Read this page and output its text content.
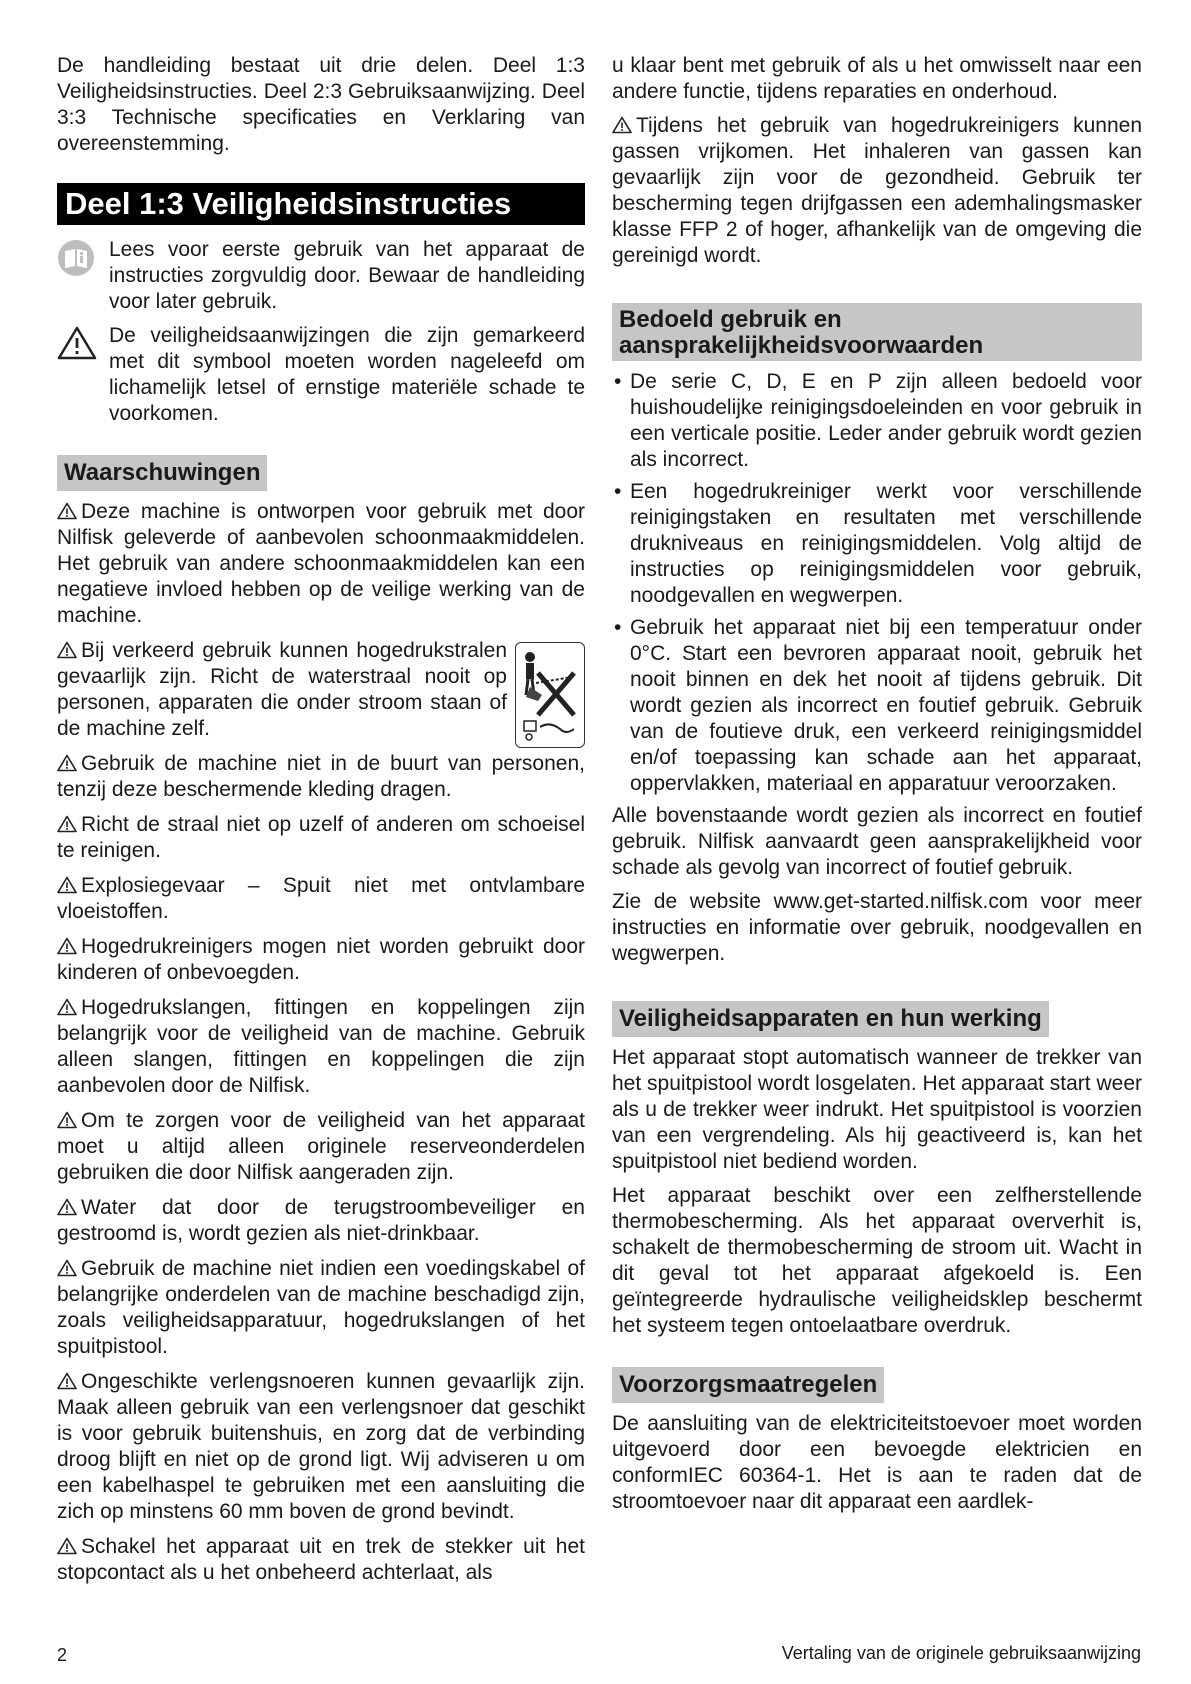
De handleiding bestaat uit drie delen. Deel 1:3 Veiligheidsinstructies. Deel 2:3 Gebruiksaanwijzing. Deel 3:3 Technische specificaties en Verklaring van overeenstemming.

Deel 1:3 Veiligheidsinstructies
Lees voor eerste gebruik van het apparaat de instructies zorgvuldig door. Bewaar de handleiding voor later gebruik.
De veiligheidsaanwijzingen die zijn gemarkeerd met dit symbool moeten worden nageleefd om lichamelijk letsel of ernstige materiële schade te voorkomen.
Waarschuwingen

Deze machine is ontworpen voor gebruik met door Nilfisk geleverde of aanbevolen schoonmaakmiddelen. Het gebruik van andere schoonmaakmiddelen kan een negatieve invloed hebben op de veilige werking van de machine.

Bij verkeerd gebruik kunnen hogedrukstralen gevaarlijk zijn. Richt de waterstraal nooit op personen, apparaten die onder stroom staan of de machine zelf.

Gebruik de machine niet in de buurt van personen, tenzij deze beschermende kleding dragen.

Richt de straal niet op uzelf of anderen om schoeisel te reinigen.

Explosiegevaar – Spuit niet met ontvlambare vloeistoffen.

Hogedrukreinigers mogen niet worden gebruikt door kinderen of onbevoegden.

Hogedrukslangen, fittingen en koppelingen zijn belangrijk voor de veiligheid van de machine. Gebruik alleen slangen, fittingen en koppelingen die zijn aanbevolen door de Nilfisk.

Om te zorgen voor de veiligheid van het apparaat moet u altijd alleen originele reserveonderdelen gebruiken die door Nilfisk aangeraden zijn.

Water dat door de terugstroombeveiliger en gestroomd is, wordt gezien als niet-drinkbaar.

Gebruik de machine niet indien een voedingskabel of belangrijke onderdelen van de machine beschadigd zijn, zoals veiligheidsapparatuur, hogedrukslangen of het spuitpistool.

Ongeschikte verlengsnoeren kunnen gevaarlijk zijn. Maak alleen gebruik van een verlengsnoer dat geschikt is voor gebruik buitenshuis, en zorg dat de verbinding droog blijft en niet op de grond ligt. Wij adviseren u om een kabelhaspel te gebruiken met een aansluiting die zich op minstens 60 mm boven de grond bevindt.

Schakel het apparaat uit en trek de stekker uit het stopcontact als u het onbeheerd achterlaat, als

u klaar bent met gebruik of als u het omwisselt naar een andere functie, tijdens reparaties en onderhoud.

Tijdens het gebruik van hogedrukreinigers kunnen gassen vrijkomen. Het inhaleren van gassen kan gevaarlijk zijn voor de gezondheid. Gebruik ter bescherming tegen drijfgassen een ademhalingsmasker klasse FFP 2 of hoger, afhankelijk van de omgeving die gereinigd wordt.

Bedoeld gebruik en aansprakelijkheidsvoorwaarden
• De serie C, D, E en P zijn alleen bedoeld voor huishoudelijke reinigingsdoeleinden en voor gebruik in een verticale positie. Leder ander gebruik wordt gezien als incorrect.
• Een hogedrukreiniger werkt voor verschillende reinigingstaken en resultaten met verschillende drukniveaus en reinigingsmiddelen. Volg altijd de instructies op reinigingsmiddelen voor gebruik, noodgevallen en wegwerpen.
• Gebruik het apparaat niet bij een temperatuur onder 0°C. Start een bevroren apparaat nooit, gebruik het nooit binnen en dek het nooit af tijdens gebruik. Dit wordt gezien als incorrect en foutief gebruik. Gebruik van de foutieve druk, een verkeerd reinigingsmiddel en/of toepassing kan schade aan het apparaat, oppervlakken, materiaal en apparatuur veroorzaken.

Alle bovenstaande wordt gezien als incorrect en foutief gebruik. Nilfisk aanvaardt geen aansprakelijkheid voor schade als gevolg van incorrect of foutief gebruik.

Zie de website www.get-started.nilfisk.com voor meer instructies en informatie over gebruik, noodgevallen en wegwerpen.

Veiligheidsapparaten en hun werking

Het apparaat stopt automatisch wanneer de trekker van het spuitpistool wordt losgelaten. Het apparaat start weer als u de trekker weer indrukt. Het spuitpistool is voorzien van een vergrendeling. Als hij geactiveerd is, kan het spuitpistool niet bediend worden.

Het apparaat beschikt over een zelfherstellende thermobescherming. Als het apparaat oververhit is, schakelt de thermobescherming de stroom uit. Wacht in dit geval tot het apparaat afgekoeld is. Een geïntegreerde hydraulische veiligheidsklep beschermt het systeem tegen ontoelaatbare overdruk.

Voorzorgsmaatregelen

De aansluiting van de elektriciteitstoevoer moet worden uitgevoerd door een bevoegde elektricien en conformIEC 60364-1. Het is aan te raden dat de stroomtoevoer naar dit apparaat een aardlek-

2	Vertaling van de originele gebruiksaanwijzing
